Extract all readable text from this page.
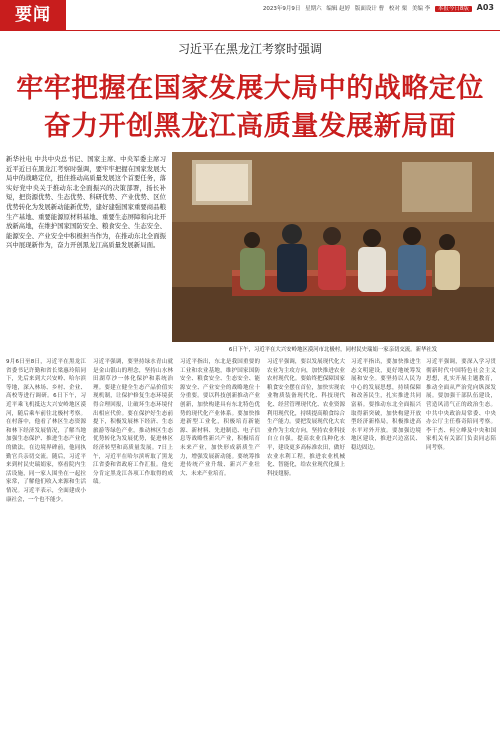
要闻	2023年9月9日 星期六 编辑 赵婷 版面设计 曹 校对 栗 美编 李 本报今日8版 A03
习近平在黑龙江考察时强调
牢牢把握在国家发展大局中的战略定位
奋力开创黑龙江高质量发展新局面
新华社电 中共中央总书记、国家主席、中央军委主席习近平近日在黑龙江考察时强调，要牢牢把握在国家发展大局中的战略定位，扭住推动高质量发展这个首要任务，落实好党中央关于推动东北全面振兴的决策部署，扬长补短，把资源优势、生态优势、科研优势、产业优势、区位优势转化为发展新动能新优势，建好建强国家重要商品粮生产基地、重要能源原材料基地、重要生态屏障和向北开放新高地，在维护国家国防安全、粮食安全、生态安全、能源安全、产业安全中积极担当作为，在推动东北全面振兴中展现新作为，奋力开创黑龙江高质量发展新局面。
6日下午，习近平在大兴安岭地区漠河市北极村，同村民史瑞娟一家亲切交流。新华社发
9月6日至8日，习近平在黑龙江省委书记许勤和省长梁惠玲陪同下，先后来到大兴安岭、哈尔滨等地，深入林场、乡村、企业、高校等进行调研。6日下午，习近平乘飞机抵达大兴安岭地区漠河，随后乘车前往北极村考察。在村落中，他看了林区生态资源和林下经济发展情况，了解当地加强生态保护、推进生态产业化的做法。在边境界碑前，他同执勤官兵亲切交流。随后，习近平来到村民史瑞娟家，察看院内生活设施，同一家人围坐在一起拉家常，了解他们收入来源和生活情况。习近平表示，全面建成小康社会，一个也不能少。
习近平强调，要坚持绿水青山就是金山银山的理念，坚持山水林田湖草沙一体化保护和系统治理。要建立健全生态产品价值实现机制，让保护修复生态环境获得合理回报，让破坏生态环境付出相应代价。要在保护好生态前提下，积极发展林下经济、生态旅游等绿色产业，推动林区生态优势转化为发展优势，促进林区经济转型和高质量发展。7日上午，习近平在哈尔滨听取了黑龙江省委和省政府工作汇报。他充分肯定黑龙江各项工作取得的成绩。
习近平指出，东北是我国重要的工业和农业基地，维护国家国防安全、粮食安全、生态安全、能源安全、产业安全的战略地位十分重要。要以科技创新推动产业创新，加快构建具有东北特色优势的现代化产业体系。要加快推进新型工业化，积极培育新能源、新材料、先进制造、电子信息等战略性新兴产业，积极培育未来产业，加快形成新质生产力，增强发展新动能。要统筹推进传统产业升级、新兴产业壮大、未来产业培育。
习近平强调，要以发展现代化大农业为主攻方向，加快推进农业农村现代化。要始终把保障国家粮食安全摆在首位，加快实现农业物质装备现代化、科技现代化、经营管理现代化、农业资源利用现代化，持续提高粮食综合生产能力。要把发展现代化大农业作为主攻方向，坚持农业科技自立自强，提高农业良种化水平，建设更多高标准农田，做好农业水利工程，推进农业机械化、智能化，给农业现代化插上科技翅膀。
习近平指出，要加快推进生态文明建设，更好地统筹发展和安全。要坚持以人民为中心的发展思想，持续保障和改善民生，扎实推进共同富裕。要推动东北全面振兴取得新突破，加快构建开放型经济新格局，积极推进高水平对外开放。要加强边境地区建设，推进兴边富民、稳边固边。
习近平强调，要深入学习贯彻新时代中国特色社会主义思想，扎实开展主题教育，推动全面从严治党向纵深发展。要加强干部队伍建设，营造风清气正的政治生态。中共中央政治局常委、中央办公厅主任蔡奇陪同考察。李干杰、何立峰及中央和国家机关有关部门负责同志陪同考察。
